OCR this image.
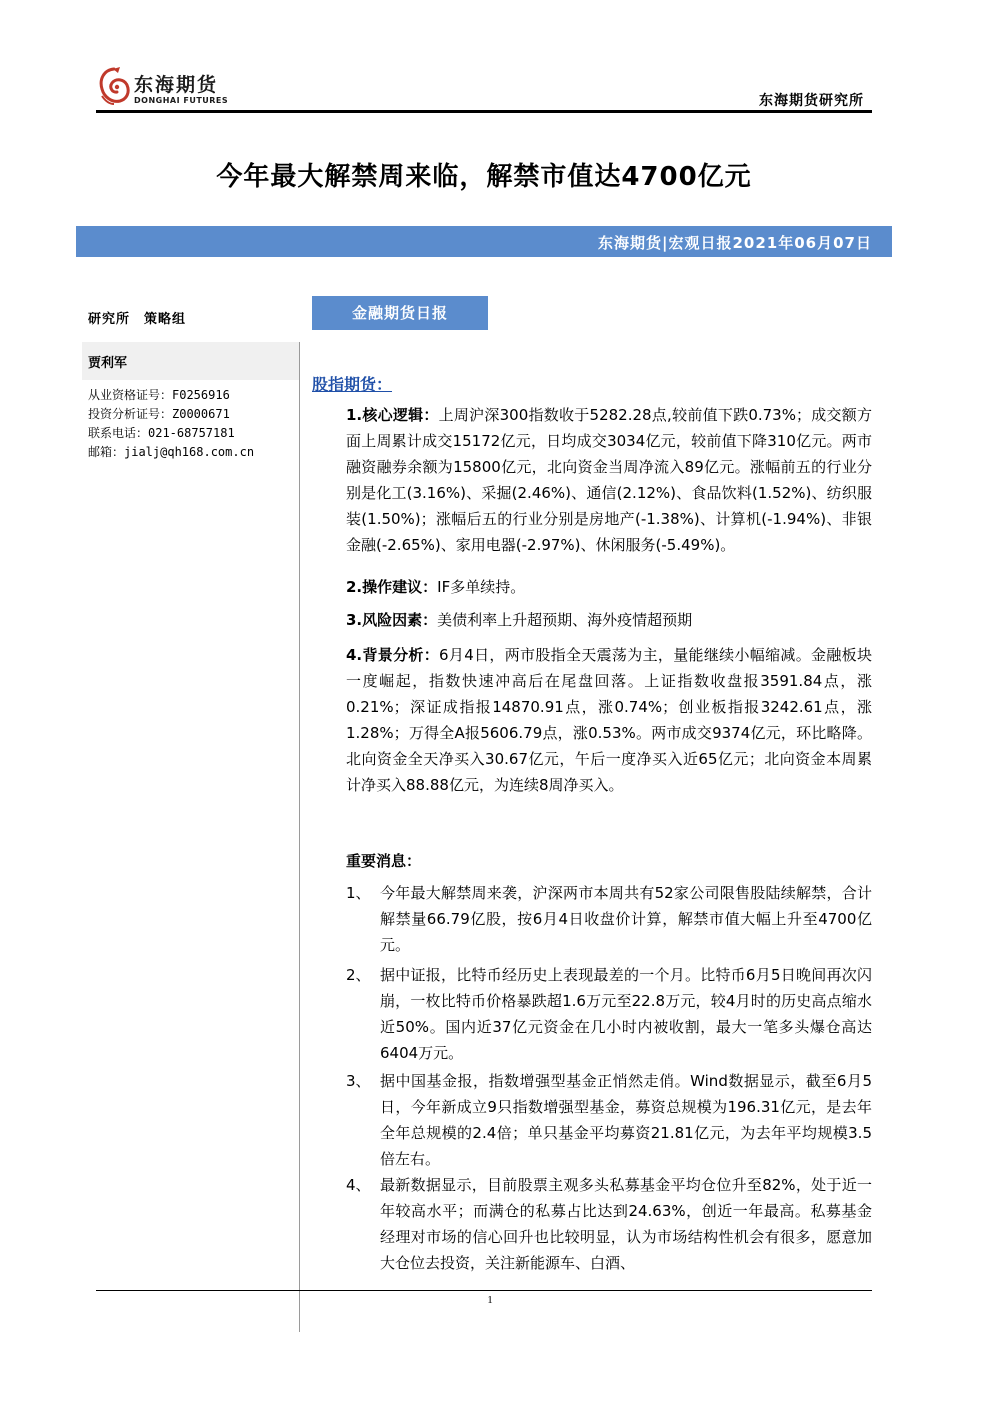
东海期货
DONGHAI FUTURES	东海期货研究所
今年最大解禁周来临，解禁市值达4700亿元
东海期货|宏观日报2021年06月07日
研究所　策略组
贾利军
从业资格证号：F0256916
投资分析证号：Z0000671
联系电话：021-68757181
邮箱：jialj@qh168.com.cn
金融期货日报
股指期货：
1.核心逻辑：上周沪深300指数收于5282.28点,较前值下跌0.73%；成交额方面上周累计成交15172亿元，日均成交3034亿元，较前值下降310亿元。两市融资融券余额为15800亿元，北向资金当周净流入89亿元。涨幅前五的行业分别是化工(3.16%)、采掘(2.46%)、通信(2.12%)、食品饮料(1.52%)、纺织服装(1.50%)；涨幅后五的行业分别是房地产(-1.38%)、计算机(-1.94%)、非银金融(-2.65%)、家用电器(-2.97%)、休闲服务(-5.49%)。
2.操作建议：IF多单续持。
3.风险因素：美债利率上升超预期、海外疫情超预期
4.背景分析：6月4日，两市股指全天震荡为主，量能继续小幅缩减。金融板块一度崛起，指数快速冲高后在尾盘回落。上证指数收盘报3591.84点，涨0.21%；深证成指报14870.91点，涨0.74%；创业板指报3242.61点，涨1.28%；万得全A报5606.79点，涨0.53%。两市成交9374亿元，环比略降。北向资金全天净买入30.67亿元，午后一度净买入近65亿元；北向资金本周累计净买入88.88亿元，为连续8周净买入。
重要消息：
1、 今年最大解禁周来袭，沪深两市本周共有52家公司限售股陆续解禁，合计解禁量66.79亿股，按6月4日收盘价计算，解禁市值大幅上升至4700亿元。
2、 据中证报，比特币经历史上表现最差的一个月。比特币6月5日晚间再次闪崩，一枚比特币价格暴跌超1.6万元至22.8万元，较4月时的历史高点缩水近50%。国内近37亿元资金在几小时内被收割，最大一笔多头爆仓高达6404万元。
3、 据中国基金报，指数增强型基金正悄然走俏。Wind数据显示，截至6月5日，今年新成立9只指数增强型基金，募资总规模为196.31亿元，是去年全年总规模的2.4倍；单只基金平均募资21.81亿元，为去年平均规模3.5倍左右。
4、 最新数据显示，目前股票主观多头私募基金平均仓位升至82%，处于近一年较高水平；而满仓的私募占比达到24.63%，创近一年最高。私募基金经理对市场的信心回升也比较明显，认为市场结构性机会有很多，愿意加大仓位去投资，关注新能源车、白酒、
1
